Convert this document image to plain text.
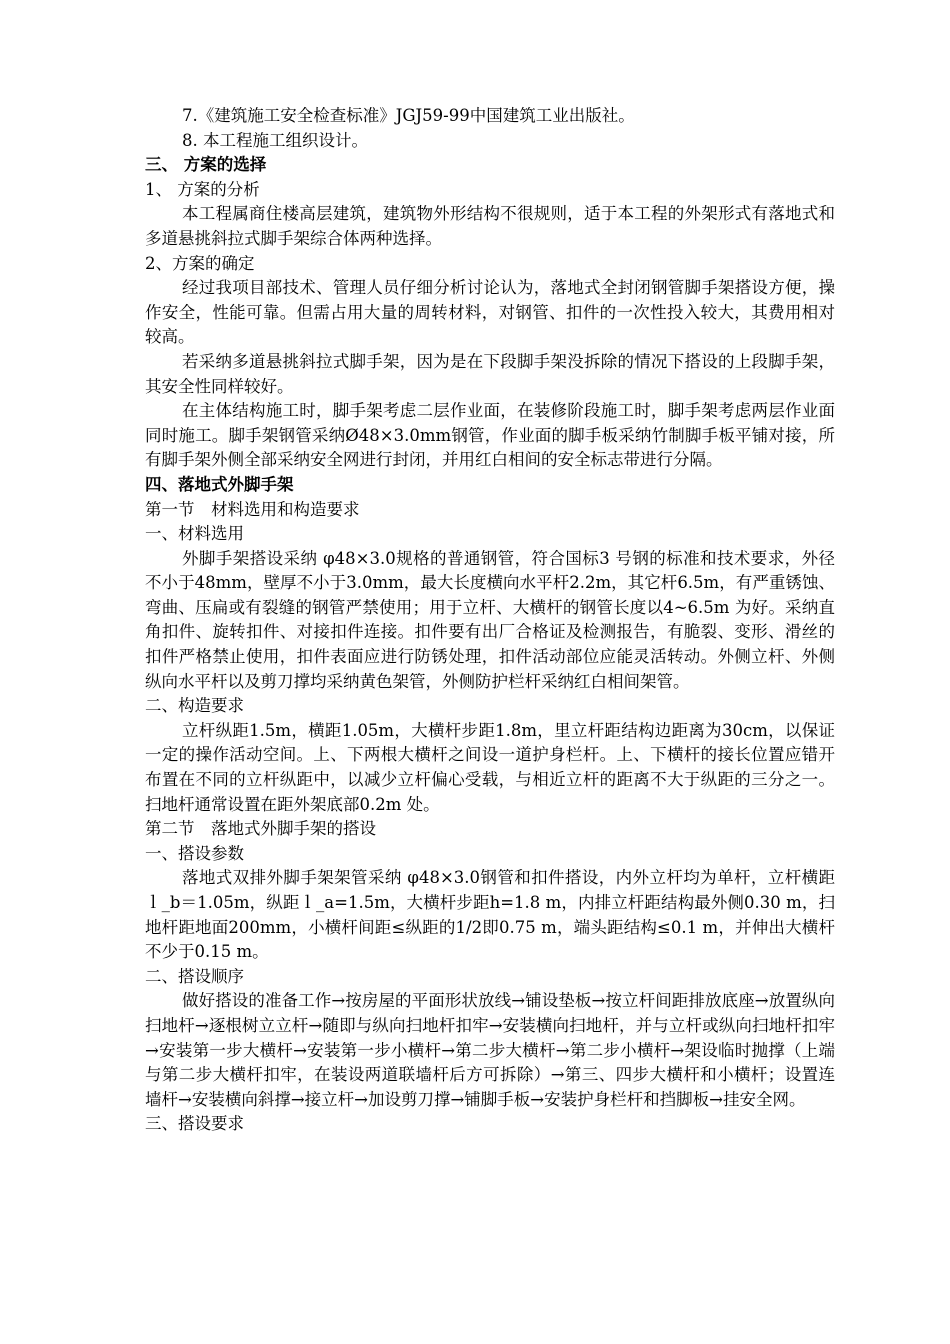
7.《建筑施工安全检查标准》JGJ59-99中国建筑工业出版社。
8. 本工程施工组织设计。
三、 方案的选择
1、 方案的分析
本工程属商住楼高层建筑，建筑物外形结构不很规则，适于本工程的外架形式有落地式和多道悬挑斜拉式脚手架综合体两种选择。
2、方案的确定
经过我项目部技术、管理人员仔细分析讨论认为，落地式全封闭钢管脚手架搭设方便，操作安全，性能可靠。但需占用大量的周转材料，对钢管、扣件的一次性投入较大，其费用相对较高。
若采纳多道悬挑斜拉式脚手架，因为是在下段脚手架没拆除的情况下搭设的上段脚手架，其安全性同样较好。
在主体结构施工时，脚手架考虑二层作业面，在装修阶段施工时，脚手架考虑两层作业面同时施工。脚手架钢管采纳Ø48×3.0mm钢管，作业面的脚手板采纳竹制脚手板平铺对接，所有脚手架外侧全部采纳安全网进行封闭，并用红白相间的安全标志带进行分隔。
四、落地式外脚手架
第一节　材料选用和构造要求
一、材料选用
外脚手架搭设采纳 φ48×3.0规格的普通钢管，符合国标3 号钢的标准和技术要求，外径不小于48mm，壁厚不小于3.0mm，最大长度横向水平杆2.2m，其它杆6.5m，有严重锈蚀、弯曲、压扁或有裂缝的钢管严禁使用；用于立杆、大横杆的钢管长度以4~6.5m 为好。采纳直角扣件、旋转扣件、对接扣件连接。扣件要有出厂合格证及检测报告，有脆裂、变形、滑丝的扣件严格禁止使用，扣件表面应进行防锈处理，扣件活动部位应能灵活转动。外侧立杆、外侧纵向水平杆以及剪刀撑均采纳黄色架管，外侧防护栏杆采纳红白相间架管。
二、构造要求
立杆纵距1.5m，横距1.05m，大横杆步距1.8m，里立杆距结构边距离为30cm，以保证一定的操作活动空间。上、下两根大横杆之间设一道护身栏杆。上、下横杆的接长位置应错开布置在不同的立杆纵距中，以减少立杆偏心受载，与相近立杆的距离不大于纵距的三分之一。扫地杆通常设置在距外架底部0.2m 处。
第二节　落地式外脚手架的搭设
一、搭设参数
落地式双排外脚手架架管采纳 φ48×3.0钢管和扣件搭设，内外立杆均为单杆，立杆横距ｌ_b＝1.05m，纵距ｌ_a=1.5m，大横杆步距h=1.8 m，内排立杆距结构最外侧0.30 m，扫地杆距地面200mm，小横杆间距≤纵距的1/2即0.75 m，端头距结构≤0.1 m，并伸出大横杆不少于0.15 m。
二、搭设顺序
做好搭设的准备工作→按房屋的平面形状放线→铺设垫板→按立杆间距排放底座→放置纵向扫地杆→逐根树立立杆→随即与纵向扫地杆扣牢→安装横向扫地杆，并与立杆或纵向扫地杆扣牢→安装第一步大横杆→安装第一步小横杆→第二步大横杆→第二步小横杆→架设临时抛撑（上端与第二步大横杆扣牢，在装设两道联墙杆后方可拆除）→第三、四步大横杆和小横杆；设置连墙杆→安装横向斜撑→接立杆→加设剪刀撑→铺脚手板→安装护身栏杆和挡脚板→挂安全网。
三、搭设要求
